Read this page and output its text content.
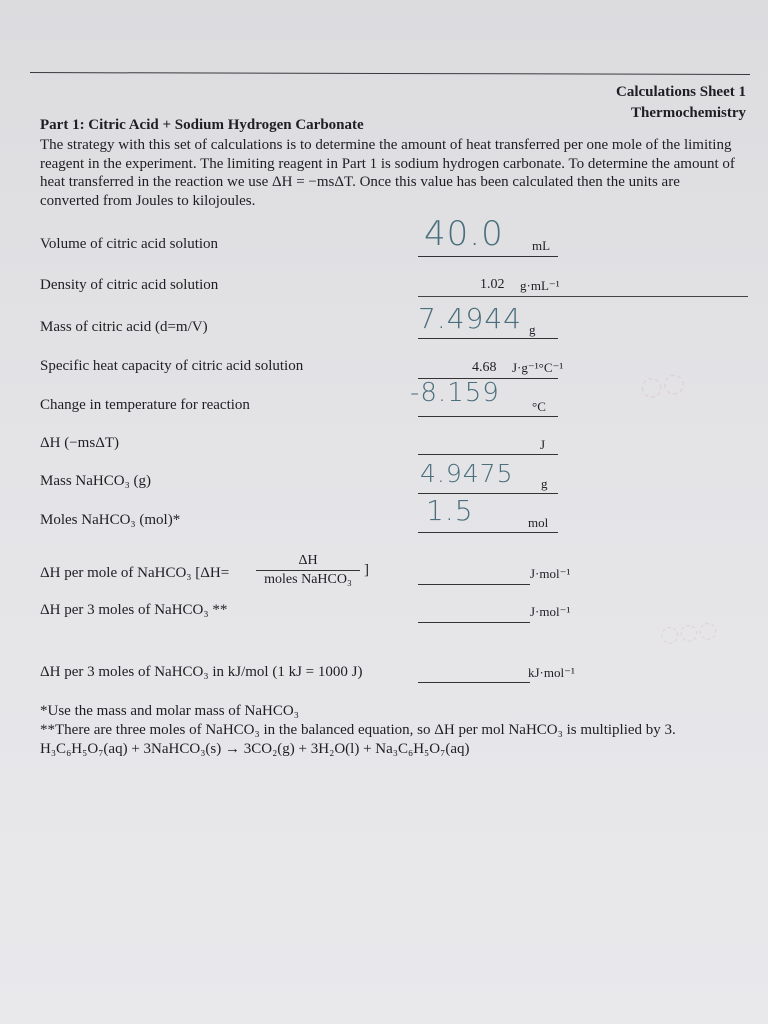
Calculations Sheet 1
Thermochemistry
Part 1: Citric Acid + Sodium Hydrogen Carbonate
The strategy with this set of calculations is to determine the amount of heat transferred per one mole of the limiting reagent in the experiment. The limiting reagent in Part 1 is sodium hydrogen carbonate. To determine the amount of heat transferred in the reaction we use ΔH = −msΔT. Once this value has been calculated then the units are converted from Joules to kilojoules.
Volume of citric acid solution	40.0 mL
Density of citric acid solution	1.02 g·mL⁻¹
Mass of citric acid (d=m/V)	7.4944 g
Specific heat capacity of citric acid solution	4.68 J·g⁻¹°C⁻¹
Change in temperature for reaction	-8.159 °C
ΔH (−msΔT)	J
Mass NaHCO₃ (g)	4.9475 g
Moles NaHCO₃ (mol)*	1.5	mol
ΔH per mole of NaHCO₃ [ΔH=
ΔH
moles NaHCO₃
]	J·mol⁻¹
ΔH per 3 moles of NaHCO₃ **	J·mol⁻¹
ΔH per 3 moles of NaHCO₃ in kJ/mol (1 kJ = 1000 J)	kJ·mol⁻¹
*Use the mass and molar mass of NaHCO₃
**There are three moles of NaHCO₃ in the balanced equation, so ΔH per mol NaHCO₃ is multiplied by 3.
H₃C₆H₅O₇(aq) + 3NaHCO₃(s) → 3CO₂(g) + 3H₂O(l) + Na₃C₆H₅O₇(aq)
◌◌
◌◌◌
